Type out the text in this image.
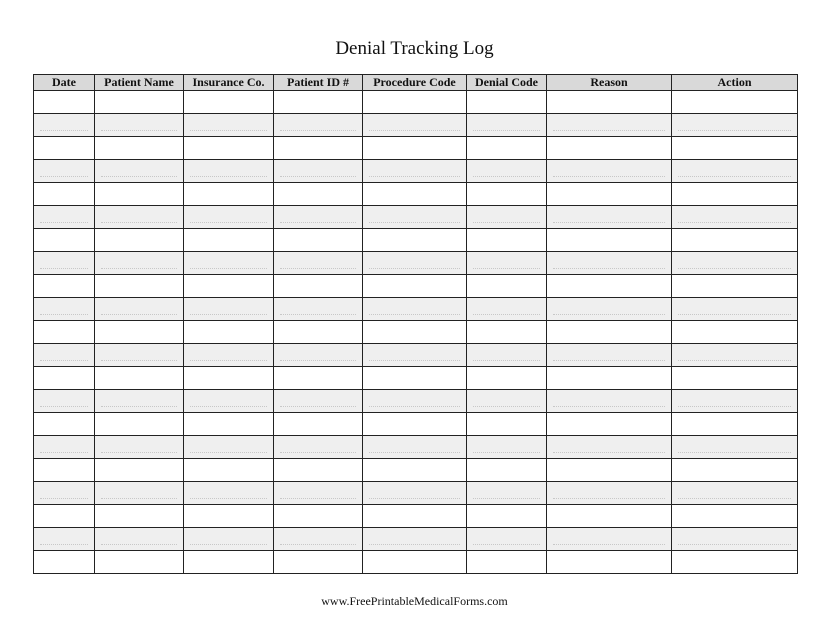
Denial Tracking Log
Date	Patient Name	Insurance Co.	Patient ID #	Procedure Code	Denial Code	Reason	Action

www.FreePrintableMedicalForms.com
